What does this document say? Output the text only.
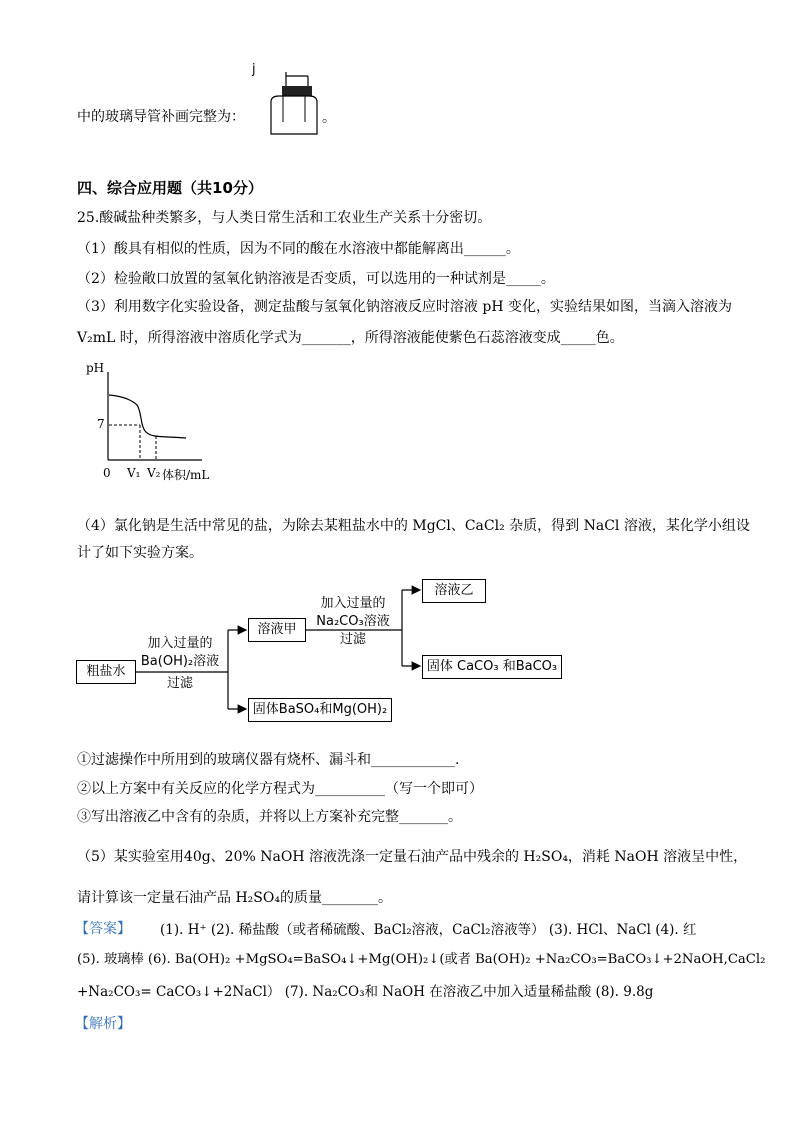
j
中的玻璃导管补画完整为：	。
四、综合应用题（共10分）
25.酸碱盐种类繁多，与人类日常生活和工农业生产关系十分密切。
（1）酸具有相似的性质，因为不同的酸在水溶液中都能解离出______。
（2）检验敞口放置的氢氧化钠溶液是否变质，可以选用的一种试剂是_____。
（3）利用数字化实验设备，测定盐酸与氢氧化钠溶液反应时溶液 pH 变化，实验结果如图，当滴入溶液为
V₂mL 时，所得溶液中溶质化学式为_______，所得溶液能使紫色石蕊溶液变成_____色。
pH
7
0 V₁ V₂ 体积/mL
（4）氯化钠是生活中常见的盐，为除去某粗盐水中的 MgCl、CaCl₂ 杂质，得到 NaCl 溶液，某化学小组设
计了如下实验方案。
粗盐水
加入过量的
Ba(OH)₂溶液
过滤
溶液甲
固体BaSO₄和Mg(OH)₂
加入过量的
Na₂CO₃溶液
过滤
溶液乙
固体 CaCO₃ 和BaCO₃
①过滤操作中所用到的玻璃仪器有烧杯、漏斗和____________.
②以上方案中有关反应的化学方程式为__________（写一个即可）
③写出溶液乙中含有的杂质，并将以上方案补充完整_______。
（5）某实验室用40g、20% NaOH 溶液洗涤一定量石油产品中残余的 H₂SO₄，消耗 NaOH 溶液呈中性，
请计算该一定量石油产品 H₂SO₄的质量________。
【答案】 (1). H⁺ (2). 稀盐酸（或者稀硫酸、BaCl₂溶液，CaCl₂溶液等） (3). HCl、NaCl (4). 红
(5). 玻璃棒 (6). Ba(OH)₂ +MgSO₄=BaSO₄↓+Mg(OH)₂↓(或者 Ba(OH)₂ +Na₂CO₃=BaCO₃↓+2NaOH,CaCl₂
+Na₂CO₃= CaCO₃↓+2NaCl） (7). Na₂CO₃和 NaOH 在溶液乙中加入适量稀盐酸 (8). 9.8g
【解析】
